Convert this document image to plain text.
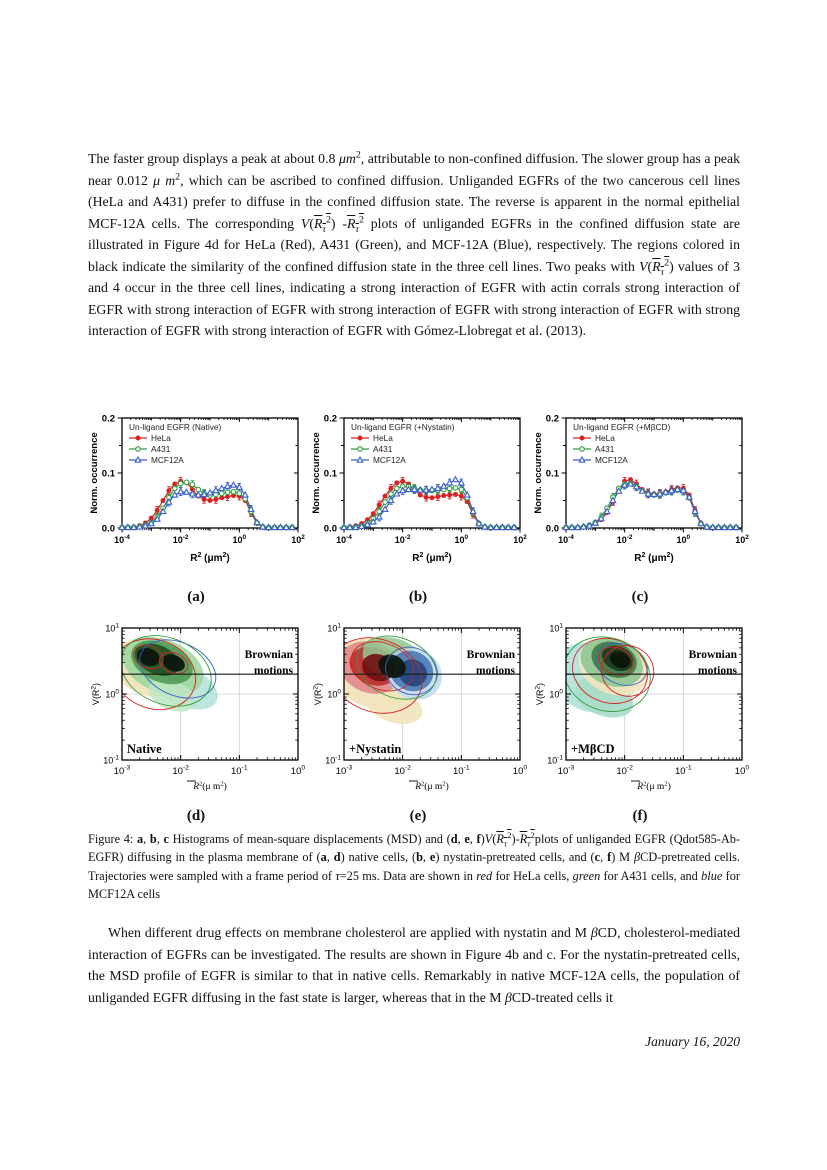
The faster group displays a peak at about 0.8 $\mu m^2$, attributable to non-confined diffusion. The slower group has a peak near 0.012 μ $m^2$, which can be ascribed to confined diffusion. Unliganded EGFRs of the two cancerous cell lines (HeLa and A431) prefer to diffuse in the confined diffusion state. The reverse is apparent in the normal epithelial MCF-12A cells. The corresponding $V(R_\tau^2)$ $-R_\tau^2$ plots of unliganded EGFRs in the confined diffusion state are illustrated in Figure 4d for HeLa (Red), A431 (Green), and MCF-12A (Blue), respectively. The regions colored in black indicate the similarity of the confined diffusion state in the three cell lines. Two peaks with $V(R_\tau^2)$ values of 3 and 4 occur in the three cell lines, indicating a strong interaction of EGFR with actin corrals strong interaction of EGFR with strong interaction of EGFR with strong interaction of EGFR with strong interaction of EGFR with strong interaction of EGFR with strong interaction of EGFR with Gómez-Llobregat et al. (2013).
$10^{-4}$	$10^{-2}$	$10^0$	$10^2$
0.0
0.1
0.2
Un-ligand EGFR (Native)
HeLa
A431
MCF12A
Norm. occurrence
$R^2$ $(\mu m^2)$
(a)
$10^{-4}$	$10^{-2}$	$10^0$	$10^2$
0.0
0.1
0.2
Un-ligand EGFR (+Nystatin)
HeLa
A431
MCF12A
Norm. occurrence
$R^2$ $(\mu m^2)$
(b)
$10^{-4}$	$10^{-2}$	$10^0$	$10^2$
0.0
0.1
0.2
Un-ligand EGFR (+MβCD)
HeLa
A431
MCF12A
Norm. occurrence
$R^2$ $(\mu m^2)$
(c)
$10^{-3}$	$10^{-2}$	$10^{-1}$	$10^0$
$10^{-1}$
$10^0$
$10^1$
Brownian
motions
Native
$V(R^2)$
$R^2(\mu$ $m^2$)
(d)
$10^{-3}$	$10^{-2}$	$10^{-1}$	$10^0$
$10^{-1}$
$10^0$
$10^1$
Brownian
motions
+Nystatin
$V(R^2)$
$R^2(\mu$ $m^2$)
(e)
$10^{-3}$	$10^{-2}$	$10^{-1}$	$10^0$
$10^{-1}$
$10^0$
$10^1$
Brownian
motions
+MβCD
$V(R^2)$
$R^2(\mu$ $m^2$)
(f)
Figure 4: a, b, c Histograms of mean-square displacements (MSD) and (d, e, $f)V(R_\tau^2)-R_\tau^2plots$ of unliganded EGFR (Qdot585-Ab-EGFR) diffusing in the plasma membrane of (a, d) native cells, (b, e) nystatin-pretreated cells, and (c, f) M βCD-pretreated cells. Trajectories were sampled with a frame period of τ=25 ms. Data are shown in red for HeLa cells, green for A431 cells, and blue for MCF12A cells
When different drug effects on membrane cholesterol are applied with nystatin and M βCD, cholesterol-mediated interaction of EGFRs can be investigated. The results are shown in Figure 4b and c. For the nystatin-pretreated cells, the MSD profile of EGFR is similar to that in native cells. Remarkably in native MCF-12A cells, the population of unliganded EGFR diffusing in the fast state is larger, whereas that in the M βCD-treated cells it
January 16, 2020
